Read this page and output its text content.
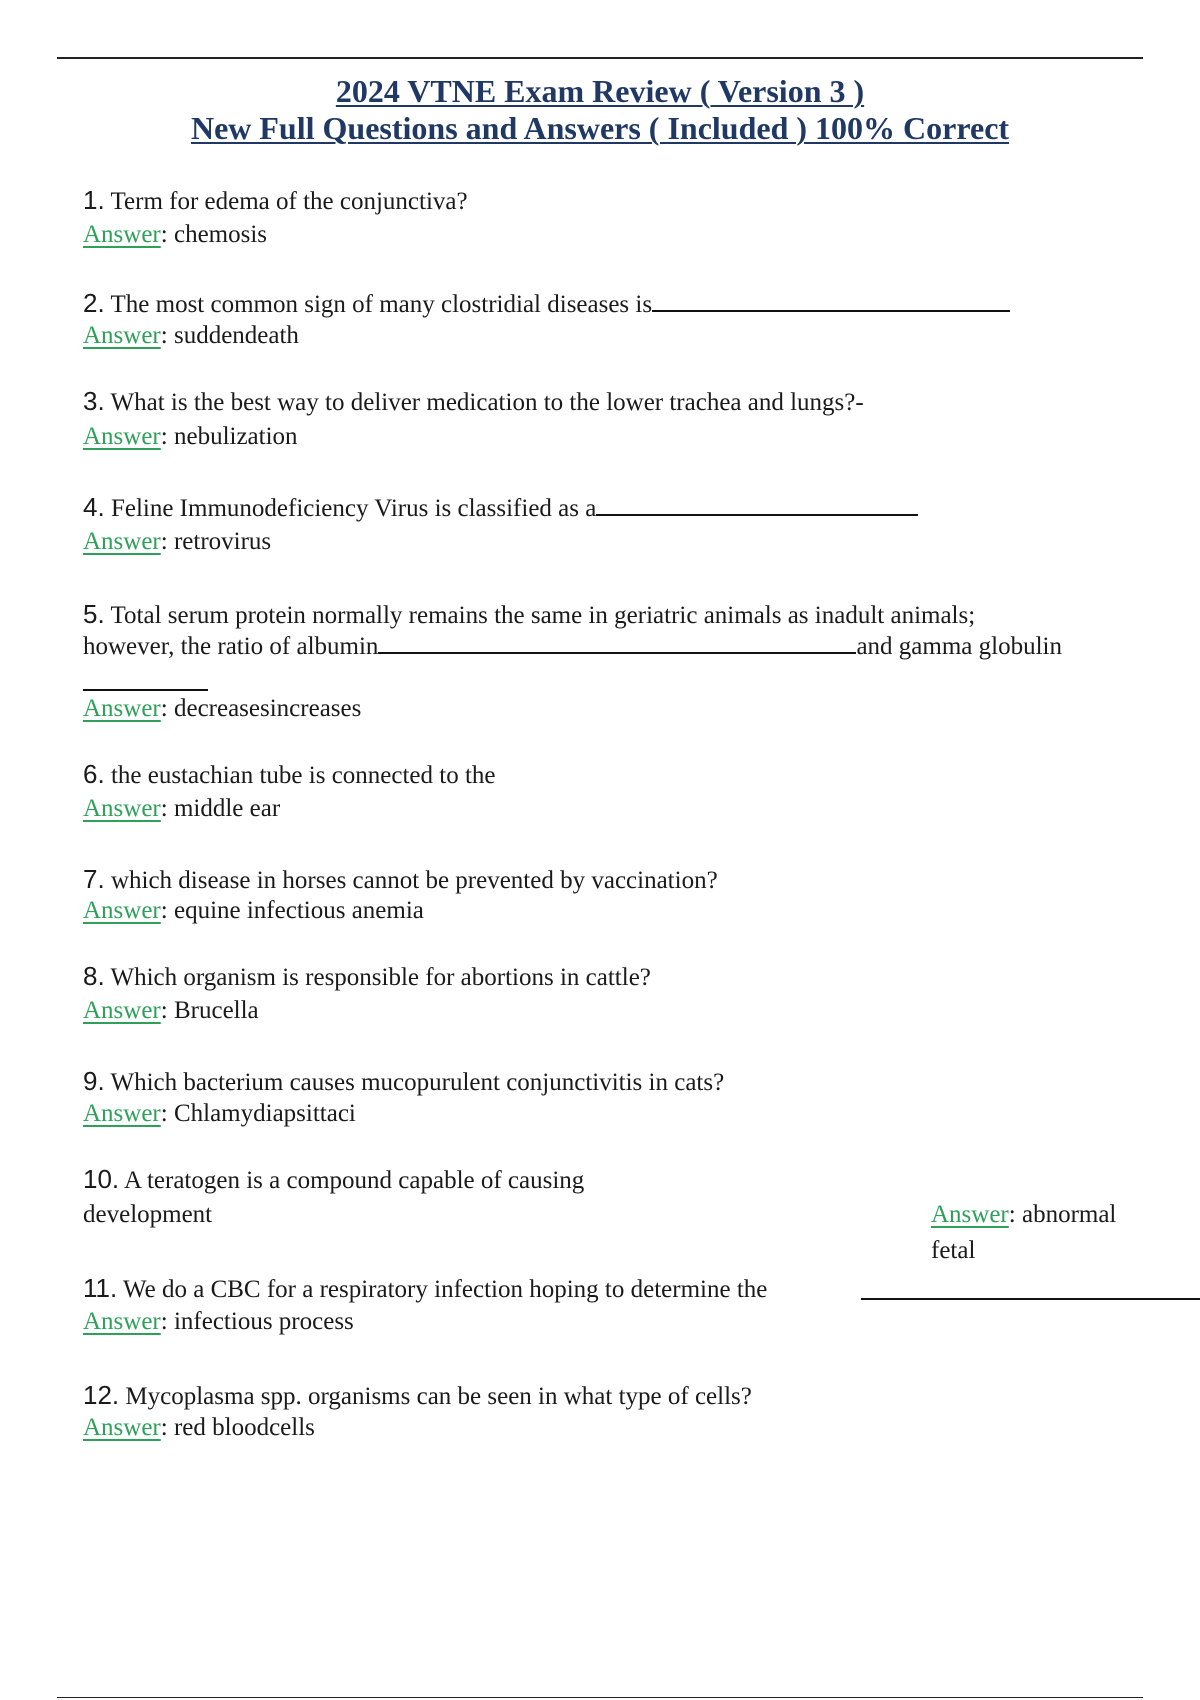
2024 VTNE Exam Review ( Version 3 )
New Full Questions and Answers ( Included ) 100% Correct
1. Term for edema of the conjunctiva?
Answer: chemosis
2. The most common sign of many clostridial diseases is
Answer: suddendeath
3. What is the best way to deliver medication to the lower trachea and lungs?-
Answer: nebulization
4. Feline Immunodeficiency Virus is classified as a
Answer: retrovirus
5. Total serum protein normally remains the same in geriatric animals as inadult animals;
however, the ratio of albumin	and gamma globulin
Answer: decreasesincreases
6. the eustachian tube is connected to the
Answer: middle ear
7. which disease in horses cannot be prevented by vaccination?
Answer: equine infectious anemia
8. Which organism is responsible for abortions in cattle?
Answer: Brucella
9. Which bacterium causes mucopurulent conjunctivitis in cats?
Answer: Chlamydiapsittaci
10. A teratogen is a compound capable of causing
development	Answer: abnormal
fetal
11. We do a CBC for a respiratory infection hoping to determine the
Answer: infectious process
12. Mycoplasma spp. organisms can be seen in what type of cells?
Answer: red bloodcells
